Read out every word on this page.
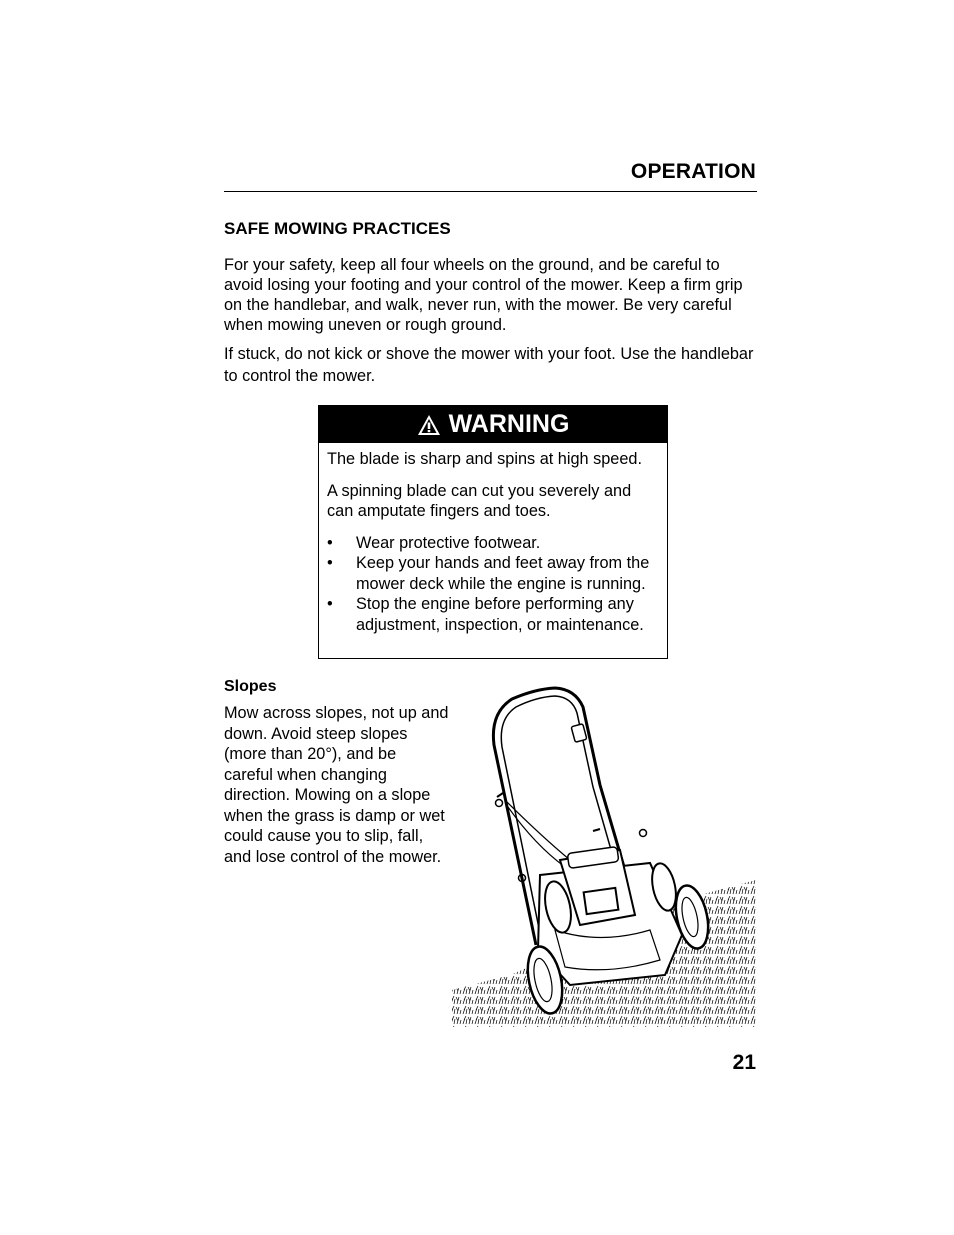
OPERATION
SAFE MOWING PRACTICES
For your safety, keep all four wheels on the ground, and be careful to avoid losing your footing and your control of the mower. Keep a firm grip on the handlebar, and walk, never run, with the mower. Be very careful when mowing uneven or rough ground.
If stuck, do not kick or shove the mower with your foot. Use the handlebar to control the mower.
WARNING

The blade is sharp and spins at high speed.

A spinning blade can cut you severely and can amputate fingers and toes.

• Wear protective footwear.
• Keep your hands and feet away from the mower deck while the engine is running.
• Stop the engine before performing any adjustment, inspection, or maintenance.
Slopes
Mow across slopes, not up and down. Avoid steep slopes (more than 20°), and be careful when changing direction. Mowing on a slope when the grass is damp or wet could cause you to slip, fall, and lose control of the mower.
21
